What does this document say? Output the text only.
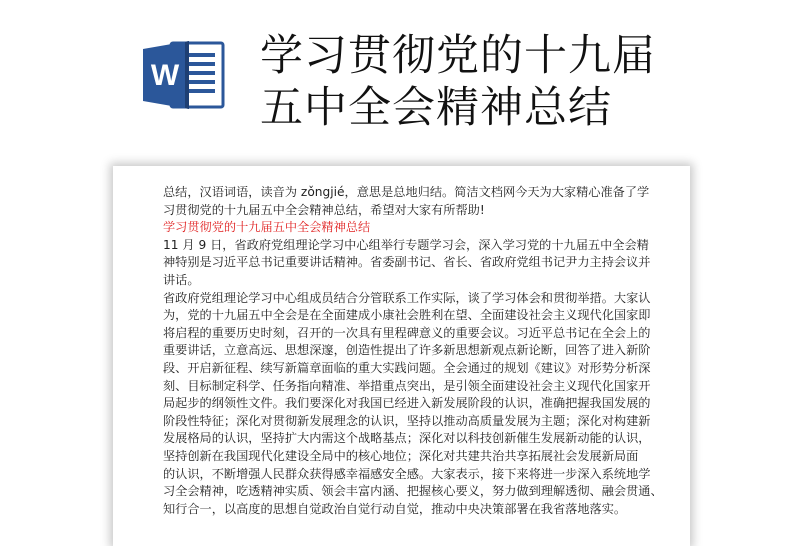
W 学习贯彻党的十九届
五中全会精神总结
总结，汉语词语，读音为 zǒngjié，意思是总地归结。简洁文档网今天为大家精心准备了学
习贯彻党的十九届五中全会精神总结，希望对大家有所帮助!
学习贯彻党的十九届五中全会精神总结
11 月 9 日，省政府党组理论学习中心组举行专题学习会，深入学习党的十九届五中全会精
神特别是习近平总书记重要讲话精神。省委副书记、省长、省政府党组书记尹力主持会议并
讲话。
省政府党组理论学习中心组成员结合分管联系工作实际，谈了学习体会和贯彻举措。大家认
为，党的十九届五中全会是在全面建成小康社会胜利在望、全面建设社会主义现代化国家即
将启程的重要历史时刻，召开的一次具有里程碑意义的重要会议。习近平总书记在全会上的
重要讲话，立意高远、思想深邃，创造性提出了许多新思想新观点新论断，回答了进入新阶
段、开启新征程、续写新篇章面临的重大实践问题。全会通过的规划《建议》对形势分析深
刻、目标制定科学、任务指向精准、举措重点突出，是引领全面建设社会主义现代化国家开
局起步的纲领性文件。我们要深化对我国已经进入新发展阶段的认识，准确把握我国发展的
阶段性特征；深化对贯彻新发展理念的认识，坚持以推动高质量发展为主题；深化对构建新
发展格局的认识，坚持扩大内需这个战略基点；深化对以科技创新催生发展新动能的认识，
坚持创新在我国现代化建设全局中的核心地位；深化对共建共治共享拓展社会发展新局面
的认识，不断增强人民群众获得感幸福感安全感。大家表示，接下来将进一步深入系统地学
习全会精神，吃透精神实质、领会丰富内涵、把握核心要义，努力做到理解透彻、融会贯通、
知行合一，以高度的思想自觉政治自觉行动自觉，推动中央决策部署在我省落地落实。
